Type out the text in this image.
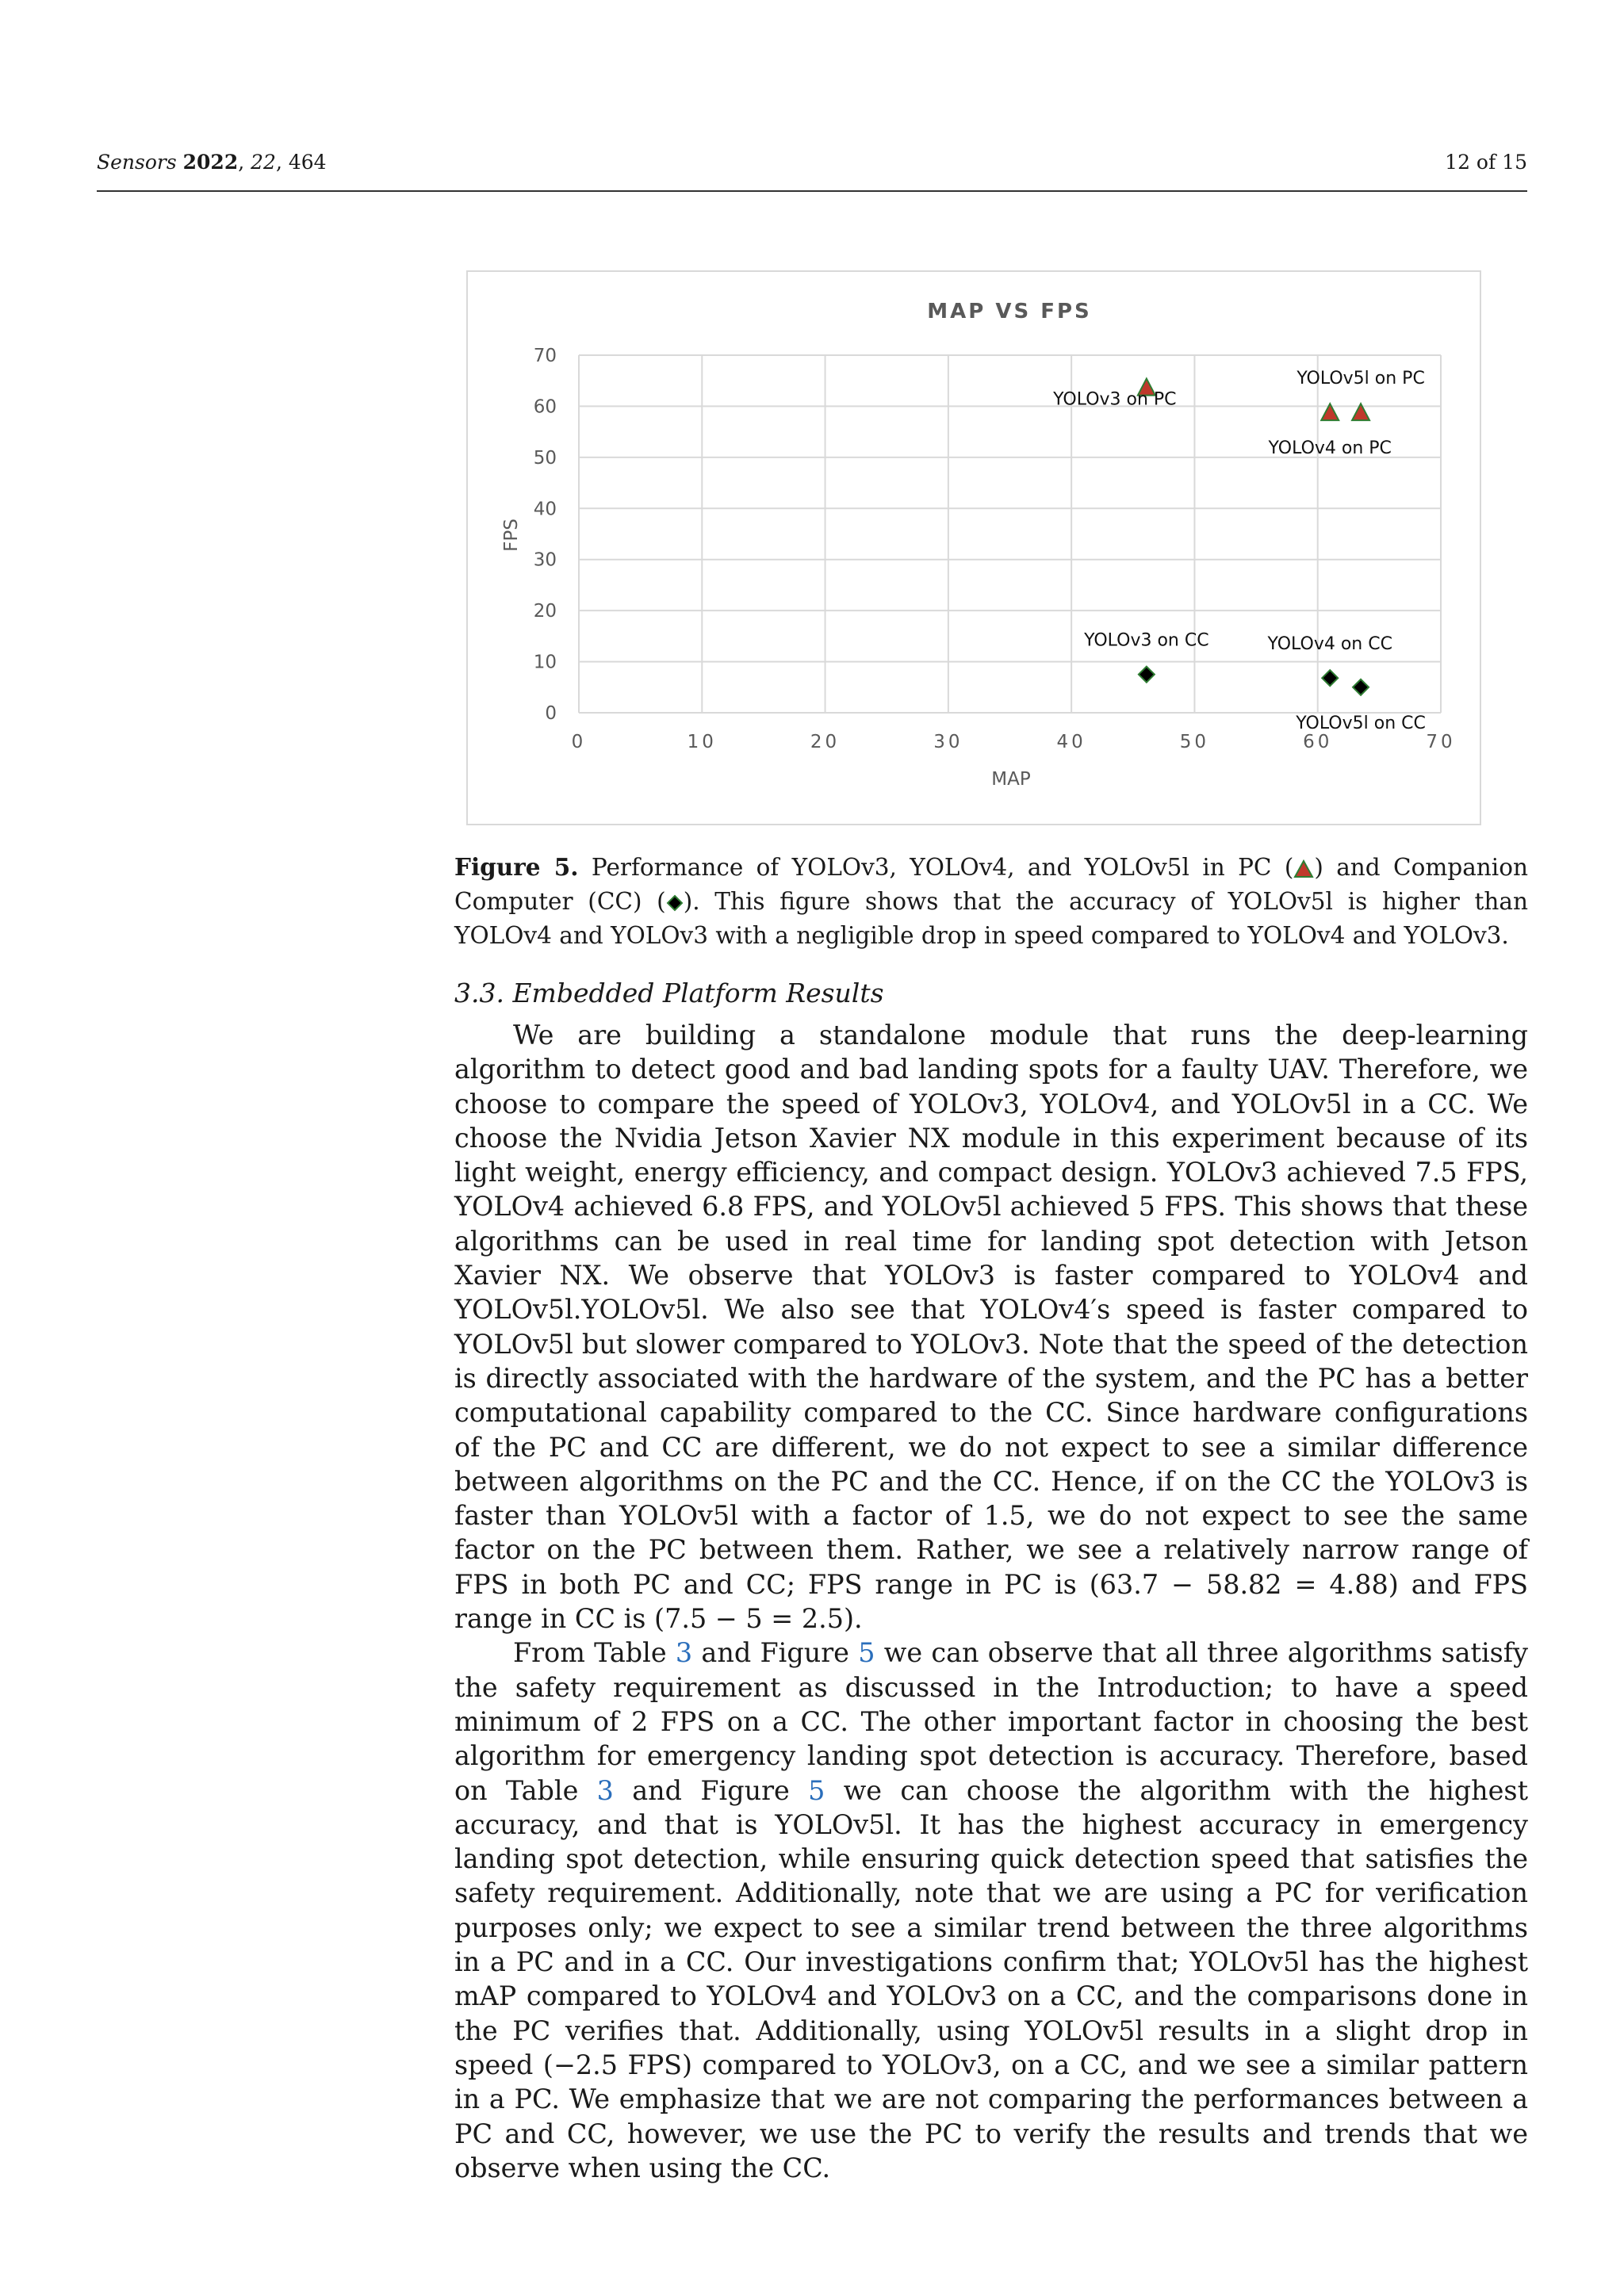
Sensors 2022, 22, 464	12 of 15
MAP VS FPS
0
10
20
30
40
50
60
70
0	10	20	30	40	50	60	70
FPS
MAP
YOLOv3 on PC
YOLOv4 on PC
YOLOv5l on PC
YOLOv3 on CC	YOLOv4 on CC
YOLOv5l on CC
Figure 5. Performance of YOLOv3, YOLOv4, and YOLOv5l in PC ( ) and Companion Computer (CC) ( ). This figure shows that the accuracy of YOLOv5l is higher than YOLOv4 and YOLOv3 with a negligible drop in speed compared to YOLOv4 and YOLOv3.
3.3. Embedded Platform Results

We are building a standalone module that runs the deep-learning algorithm to detect good and bad landing spots for a faulty UAV. Therefore, we choose to compare the speed of YOLOv3, YOLOv4, and YOLOv5l in a CC. We choose the Nvidia Jetson Xavier NX module in this experiment because of its light weight, energy efficiency, and compact design. YOLOv3 achieved 7.5 FPS, YOLOv4 achieved 6.8 FPS, and YOLOv5l achieved 5 FPS. This shows that these algorithms can be used in real time for landing spot detection with Jetson Xavier NX. We observe that YOLOv3 is faster compared to YOLOv4 and YOLOv5l.YOLOv5l. We also see that YOLOv4′s speed is faster compared to YOLOv5l but slower compared to YOLOv3. Note that the speed of the detection is directly associated with the hardware of the system, and the PC has a better computational capability compared to the CC. Since hardware configurations of the PC and CC are different, we do not expect to see a similar difference between algorithms on the PC and the CC. Hence, if on the CC the YOLOv3 is faster than YOLOv5l with a factor of 1.5, we do not expect to see the same factor on the PC between them. Rather, we see a relatively narrow range of FPS in both PC and CC; FPS range in PC is (63.7 − 58.82 = 4.88) and FPS range in CC is (7.5 − 5 = 2.5).

From Table 3 and Figure 5 we can observe that all three algorithms satisfy the safety requirement as discussed in the Introduction; to have a speed minimum of 2 FPS on a CC. The other important factor in choosing the best algorithm for emergency landing spot detection is accuracy. Therefore, based on Table 3 and Figure 5 we can choose the algorithm with the highest accuracy, and that is YOLOv5l. It has the highest accuracy in emergency landing spot detection, while ensuring quick detection speed that satisfies the safety requirement. Additionally, note that we are using a PC for verification purposes only; we expect to see a similar trend between the three algorithms in a PC and in a CC. Our investigations confirm that; YOLOv5l has the highest mAP compared to YOLOv4 and YOLOv3 on a CC, and the comparisons done in the PC verifies that. Additionally, using YOLOv5l results in a slight drop in speed (−2.5 FPS) compared to YOLOv3, on a CC, and we see a similar pattern in a PC. We emphasize that we are not comparing the performances between a PC and CC, however, we use the PC to verify the results and trends that we observe when using the CC.
